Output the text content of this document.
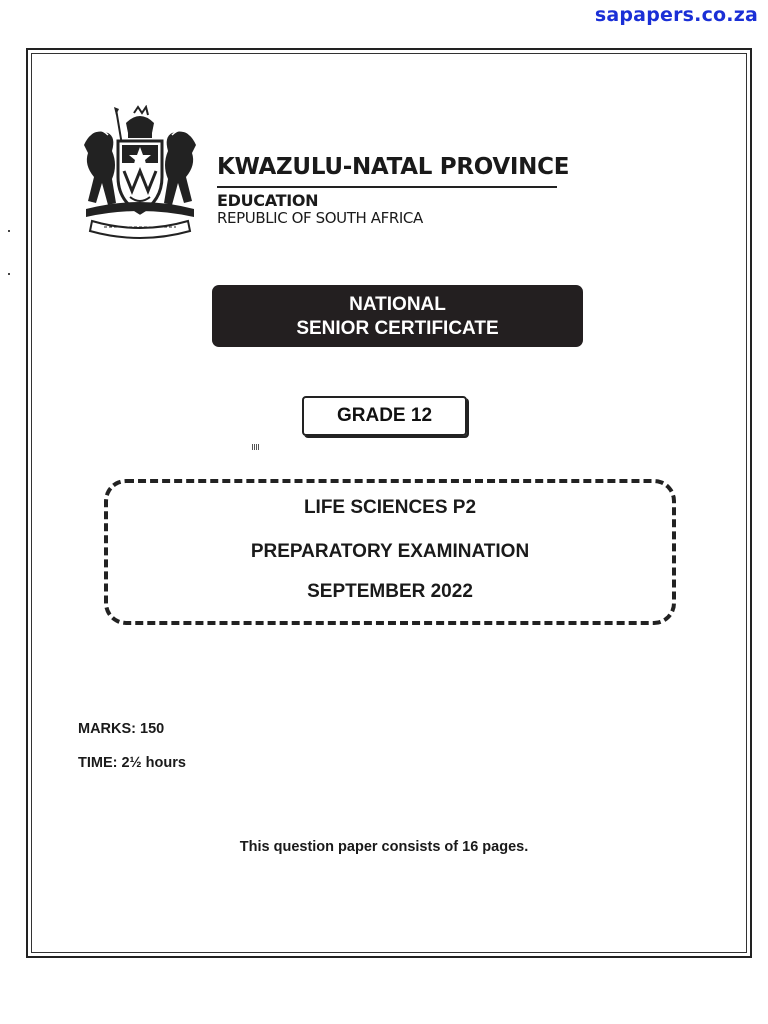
sapapers.co.za
KWAZULU-NATAL PROVINCE
EDUCATION
REPUBLIC OF SOUTH AFRICA
NATIONAL
SENIOR CERTIFICATE
GRADE 12
LIFE SCIENCES P2
PREPARATORY EXAMINATION
SEPTEMBER 2022
MARKS: 150
TIME: 2½ hours
This question paper consists of 16 pages.
